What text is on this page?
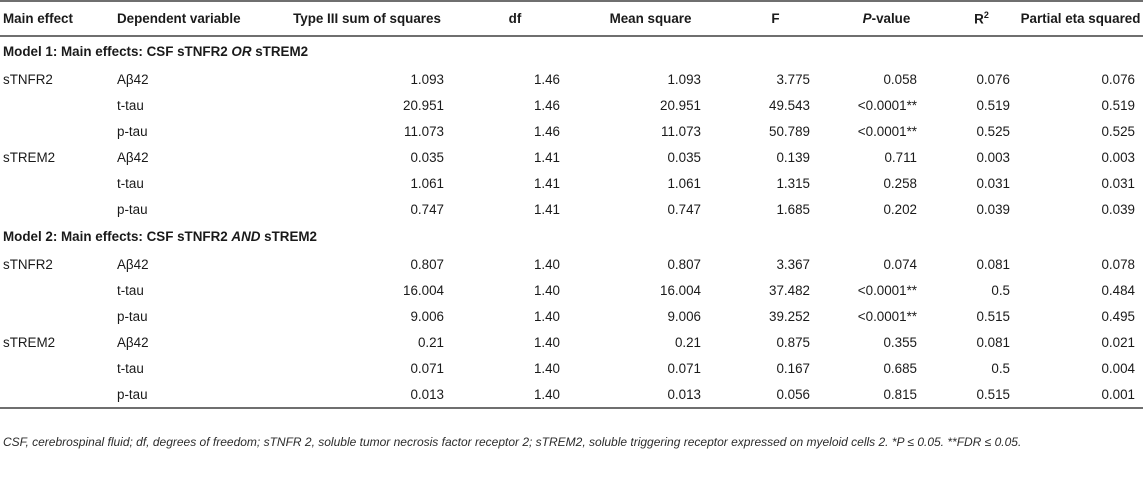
Main effect	Dependent variable	Type III sum of squares	df	Mean square	F	P-value	$R^2$	Partial eta squared
Model 1: Main effects: CSF sTNFR2 OR sTREM2								
sTNFR2	Aβ42	1.093	1.46	1.093	3.775	0.058	0.076	0.076
	t-tau	20.951	1.46	20.951	49.543	<0.0001**	0.519	0.519
	p-tau	11.073	1.46	11.073	50.789	<0.0001**	0.525	0.525
sTREM2	Aβ42	0.035	1.41	0.035	0.139	0.711	0.003	0.003
	t-tau	1.061	1.41	1.061	1.315	0.258	0.031	0.031
	p-tau	0.747	1.41	0.747	1.685	0.202	0.039	0.039
Model 2: Main effects: CSF sTNFR2 AND sTREM2								
sTNFR2	Aβ42	0.807	1.40	0.807	3.367	0.074	0.081	0.078
	t-tau	16.004	1.40	16.004	37.482	<0.0001**	0.5	0.484
	p-tau	9.006	1.40	9.006	39.252	<0.0001**	0.515	0.495
sTREM2	Aβ42	0.21	1.40	0.21	0.875	0.355	0.081	0.021
	t-tau	0.071	1.40	0.071	0.167	0.685	0.5	0.004
	p-tau	0.013	1.40	0.013	0.056	0.815	0.515	0.001
CSF, cerebrospinal fluid; df, degrees of freedom; sTNFR 2, soluble tumor necrosis factor receptor 2; sTREM2, soluble triggering receptor expressed on myeloid cells 2. *P ≤ 0.05. **FDR ≤ 0.05.
